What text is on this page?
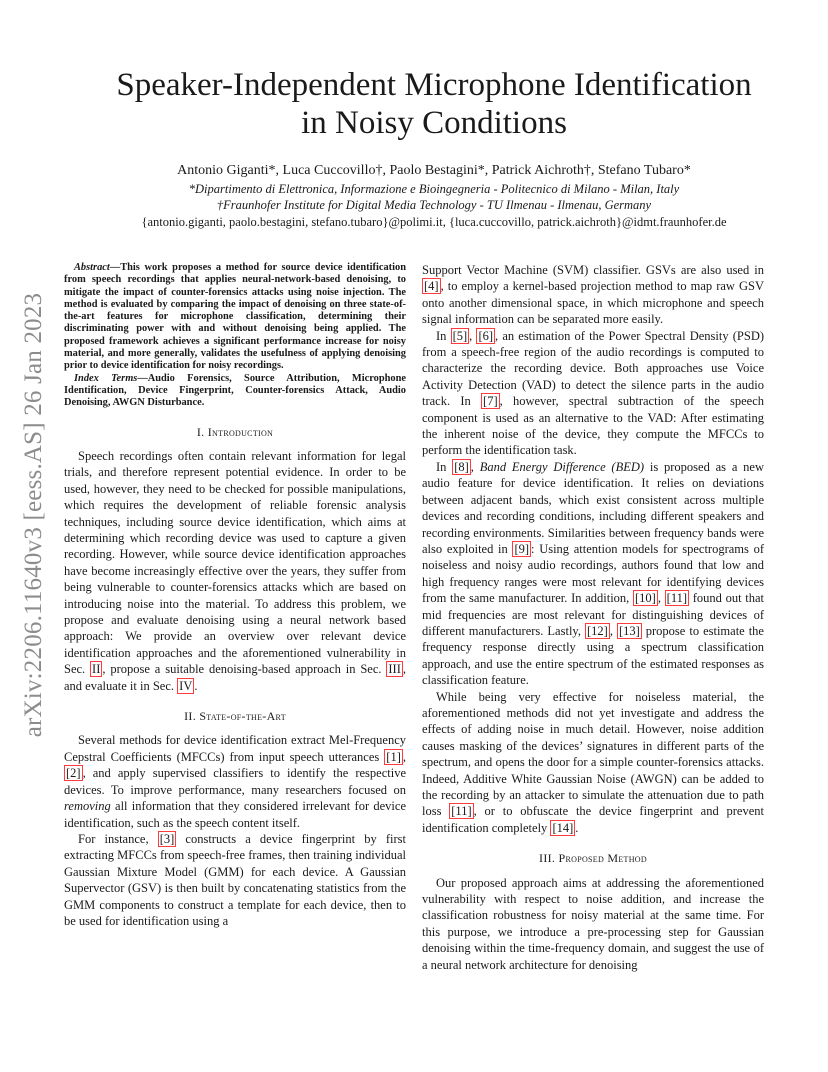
arXiv:2206.11640v3 [eess.AS] 26 Jan 2023
Speaker-Independent Microphone Identification
in Noisy Conditions
Antonio Giganti*, Luca Cuccovillo†, Paolo Bestagini*, Patrick Aichroth†, Stefano Tubaro*
*Dipartimento di Elettronica, Informazione e Bioingegneria - Politecnico di Milano - Milan, Italy
†Fraunhofer Institute for Digital Media Technology - TU Ilmenau - Ilmenau, Germany
{antonio.giganti, paolo.bestagini, stefano.tubaro}@polimi.it, {luca.cuccovillo, patrick.aichroth}@idmt.fraunhofer.de

Abstract—This work proposes a method for source device identification from speech recordings that applies neural-network-based denoising, to mitigate the impact of counter-forensics attacks using noise injection. The method is evaluated by comparing the impact of denoising on three state-of-the-art features for microphone classification, determining their discriminating power with and without denoising being applied. The proposed framework achieves a significant performance increase for noisy material, and more generally, validates the usefulness of applying denoising prior to device identification for noisy recordings.

Index Terms—Audio Forensics, Source Attribution, Microphone Identification, Device Fingerprint, Counter-forensics Attack, Audio Denoising, AWGN Disturbance.

I. Introduction

Speech recordings often contain relevant information for legal trials, and therefore represent potential evidence. In order to be used, however, they need to be checked for possible manipulations, which requires the development of reliable forensic analysis techniques, including source device identification, which aims at determining which recording device was used to capture a given recording. However, while source device identification approaches have become increasingly effective over the years, they suffer from being vulnerable to counter-forensics attacks which are based on introducing noise into the material. To address this problem, we propose and evaluate denoising using a neural network based approach: We provide an overview over relevant device identification approaches and the aforementioned vulnerability in Sec. II , propose a suitable denoising-based approach in Sec. III , and evaluate it in Sec. IV .

II. State-of-the-Art

Several methods for device identification extract Mel-Frequency Cepstral Coefficients (MFCCs) from input speech utterances [1] , [2] , and apply supervised classifiers to identify the respective devices. To improve performance, many researchers focused on removing all information that they considered irrelevant for device identification, such as the speech content itself.

For instance, [3] constructs a device fingerprint by first extracting MFCCs from speech-free frames, then training individual Gaussian Mixture Model (GMM) for each device. A Gaussian Supervector (GSV) is then built by concatenating statistics from the GMM components to construct a template for each device, then to be used for identification using a

Support Vector Machine (SVM) classifier. GSVs are also used in [4] , to employ a kernel-based projection method to map raw GSV onto another dimensional space, in which microphone and speech signal information can be separated more easily.

In [5] , [6] , an estimation of the Power Spectral Density (PSD) from a speech-free region of the audio recordings is computed to characterize the recording device. Both approaches use Voice Activity Detection (VAD) to detect the silence parts in the audio track. In [7] , however, spectral subtraction of the speech component is used as an alternative to the VAD: After estimating the inherent noise of the device, they compute the MFCCs to perform the identification task.

In [8] , Band Energy Difference (BED) is proposed as a new audio feature for device identification. It relies on deviations between adjacent bands, which exist consistent across multiple devices and recording conditions, including different speakers and recording environments. Similarities between frequency bands were also exploited in [9] : Using attention models for spectrograms of noiseless and noisy audio recordings, authors found that low and high frequency ranges were most relevant for identifying devices from the same manufacturer. In addition, [10] , [11] found out that mid frequencies are most relevant for distinguishing devices of different manufacturers. Lastly, [12] , [13] propose to estimate the frequency response directly using a spectrum classification approach, and use the entire spectrum of the estimated responses as classification feature.

While being very effective for noiseless material, the aforementioned methods did not yet investigate and address the effects of adding noise in much detail. However, noise addition causes masking of the devices’ signatures in different parts of the spectrum, and opens the door for a simple counter-forensics attacks. Indeed, Additive White Gaussian Noise (AWGN) can be added to the recording by an attacker to simulate the attenuation due to path loss [11] , or to obfuscate the device fingerprint and prevent identification completely [14] .

III. Proposed Method

Our proposed approach aims at addressing the aforementioned vulnerability with respect to noise addition, and increase the classification robustness for noisy material at the same time. For this purpose, we introduce a pre-processing step for Gaussian denoising within the time-frequency domain, and suggest the use of a neural network architecture for denoising
